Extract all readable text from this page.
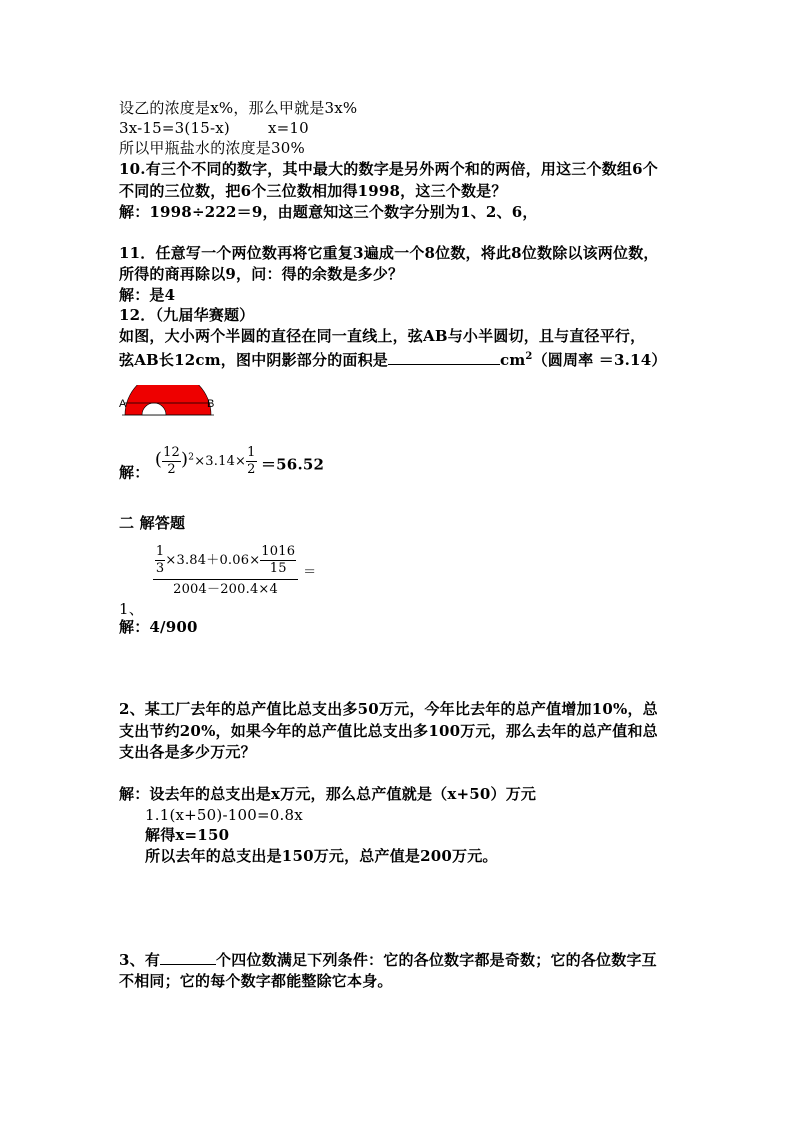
设乙的浓度是x%，那么甲就是3x%

3x-15=3(15-x)	x=10

所以甲瓶盐水的浓度是30%

10.有三个不同的数字，其中最大的数字是另外两个和的两倍，用这三个数组6个

不同的三位数，把6个三位数相加得1998，这三个数是？

解：1998÷222＝9，由题意知这三个数字分别为1、2、6，

11．任意写一个两位数再将它重复3遍成一个8位数，将此8位数除以该两位数，

所得的商再除以9，问：得的余数是多少？

解：是4

12．（九届华赛题）

如图，大小两个半圆的直径在同一直线上，弦AB与小半圆切，且与直径平行，

弦AB长12cm，图中阴影部分的面积是	$cm^2$（圆周率 ＝3.14）

A	B
解： ( $\frac{12}{2} )^2\times 3.14\times \frac{1}{2} =56.52$

二 解答题

1、
$\frac{\frac{1}{3} \times 3.84+0.06\times \frac{1016}{15}}{2004-200.4\times 4}$ ＝

解：4/900

2、某工厂去年的总产值比总支出多50万元，今年比去年的总产值增加10%，总

支出节约20%，如果今年的总产值比总支出多100万元，那么去年的总产值和总

支出各是多少万元？

解：设去年的总支出是x万元，那么总产值就是（x+50）万元

1.1(x+50)-100=0.8x

解得x=150

所以去年的总支出是150万元，总产值是200万元。

3、有	个四位数满足下列条件：它的各位数字都是奇数；它的各位数字互

不相同；它的每个数字都能整除它本身。
